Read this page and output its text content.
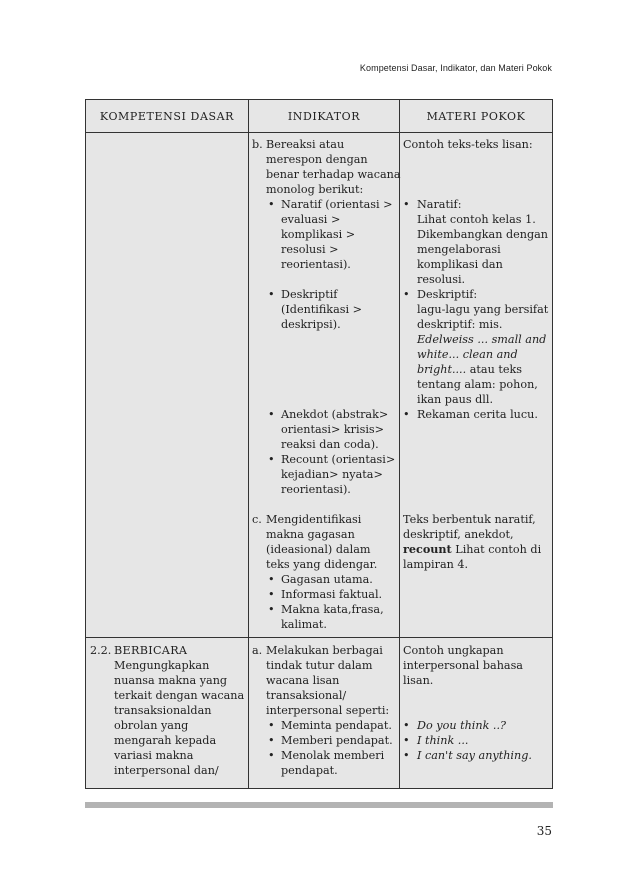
Kompetensi Dasar, Indikator, dan Materi Pokok
KOMPETENSI DASAR	INDIKATOR	MATERI POKOK
b. Bereaksi atau
merespon dengan
benar terhadap wacana
monolog berikut:
• Naratif (orientasi >
evaluasi >
komplikasi >
resolusi >
reorientasi).
• Deskriptif
(Identifikasi >
deskripsi).
• Anekdot (abstrak>
orientasi> krisis>
reaksi dan coda).
• Recount (orientasi>
kejadian> nyata>
reorientasi).
c. Mengidentifikasi
makna gagasan
(ideasional) dalam
teks yang didengar.
• Gagasan utama.
• Informasi faktual.
• Makna kata,frasa,
kalimat.
Contoh teks-teks lisan:
• Naratif:
Lihat contoh kelas 1.
Dikembangkan dengan
mengelaborasi
komplikasi dan
resolusi.
• Deskriptif:
lagu-lagu yang bersifat
deskriptif: mis.
Edelweiss ... small and
white... clean and
bright.... atau teks
tentang alam: pohon,
ikan paus dll.
• Rekaman cerita lucu.
Teks berbentuk naratif,
deskriptif, anekdot,
recount Lihat contoh di
lampiran 4.
2.2. BERBICARA
Mengungkapkan
nuansa makna yang
terkait dengan wacana
transaksionaldan
obrolan yang
mengarah kepada
variasi makna
interpersonal dan/
a. Melakukan berbagai
tindak tutur dalam
wacana lisan
transaksional/
interpersonal seperti:
• Meminta pendapat.
• Memberi pendapat.
• Menolak memberi
pendapat.
Contoh ungkapan
interpersonal bahasa
lisan.
• Do you think ..?
• I think ...
• I can't say anything.
35
